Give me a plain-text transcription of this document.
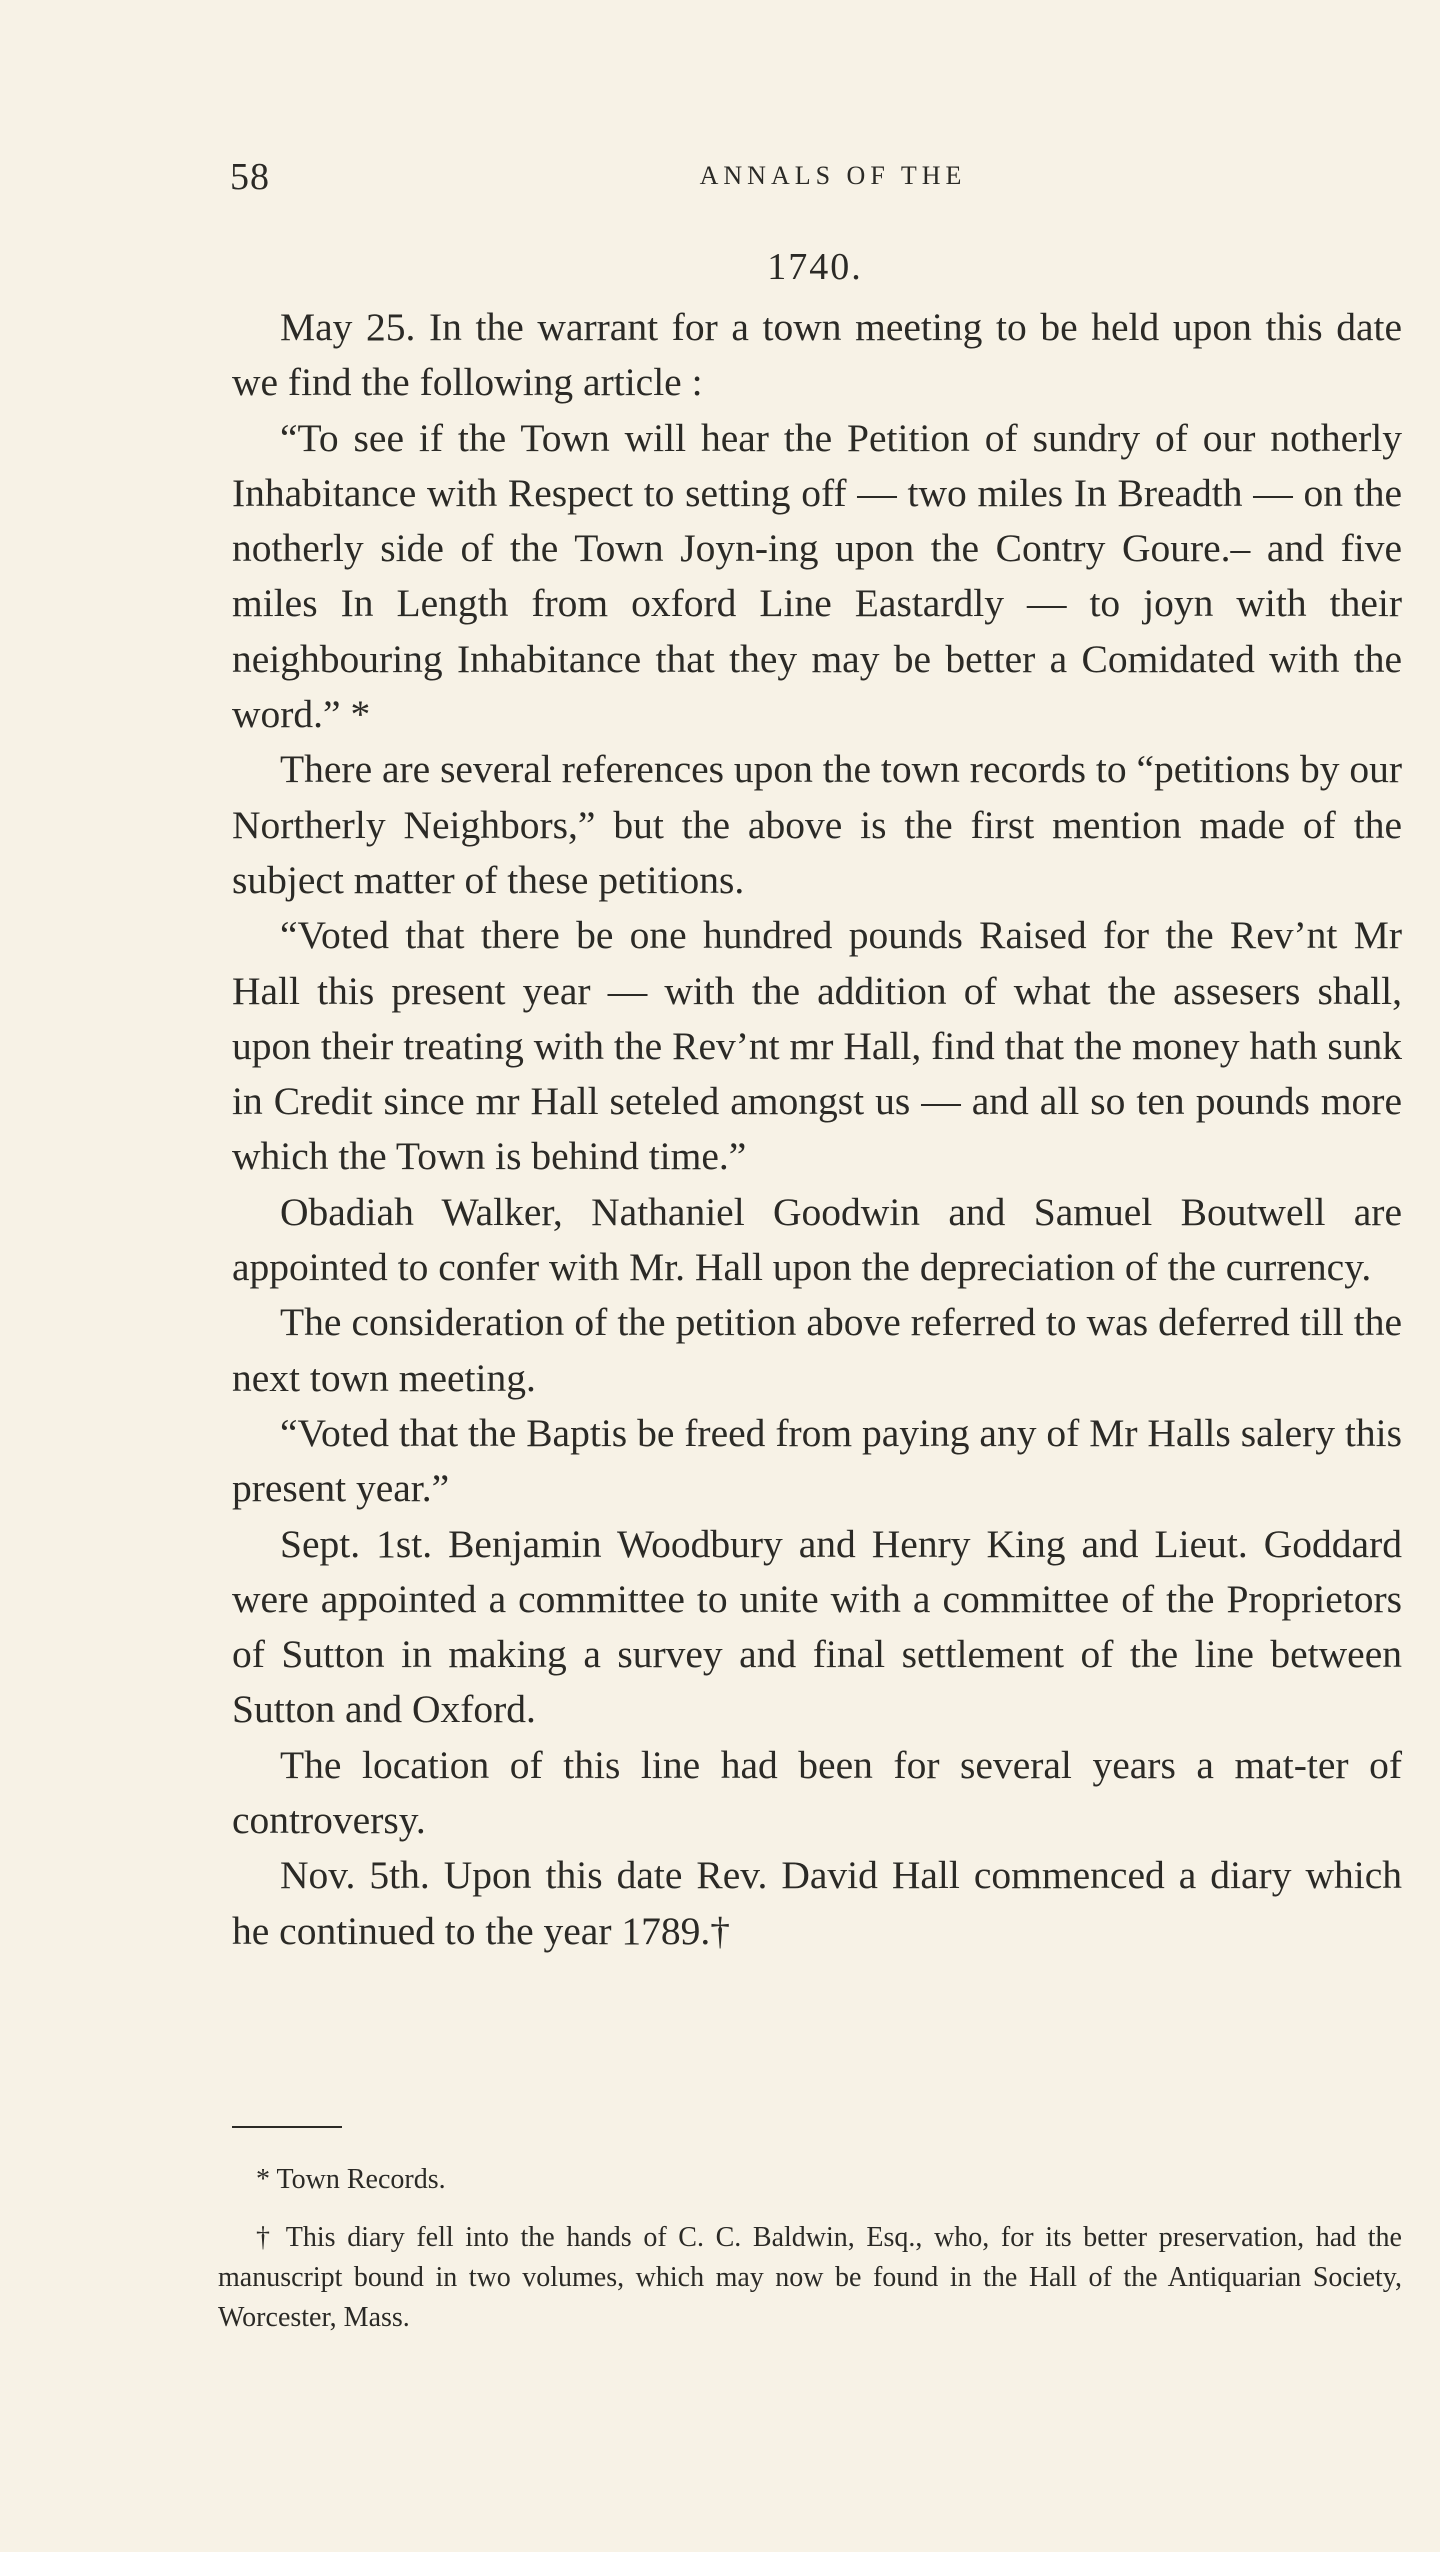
58	ANNALS OF THE
1740.

May 25. In the warrant for a town meeting to be held upon this date we find the following article :

“To see if the Town will hear the Petition of sundry of our notherly Inhabitance with Respect to setting off — two miles In Breadth — on the notherly side of the Town Joyn-ing upon the Contry Goure.– and five miles In Length from oxford Line Eastardly — to joyn with their neighbouring Inhabitance that they may be better a Comidated with the word.” *

There are several references upon the town records to “petitions by our Northerly Neighbors,” but the above is the first mention made of the subject matter of these petitions.

“Voted that there be one hundred pounds Raised for the Rev’nt Mr Hall this present year — with the addition of what the assesers shall, upon their treating with the Rev’nt mr Hall, find that the money hath sunk in Credit since mr Hall seteled amongst us — and all so ten pounds more which the Town is behind time.”

Obadiah Walker, Nathaniel Goodwin and Samuel Boutwell are appointed to confer with Mr. Hall upon the depreciation of the currency.

The consideration of the petition above referred to was deferred till the next town meeting.

“Voted that the Baptis be freed from paying any of Mr Halls salery this present year.”

Sept. 1st. Benjamin Woodbury and Henry King and Lieut. Goddard were appointed a committee to unite with a committee of the Proprietors of Sutton in making a survey and final settlement of the line between Sutton and Oxford.

The location of this line had been for several years a mat-ter of controversy.

Nov. 5th. Upon this date Rev. David Hall commenced a diary which he continued to the year 1789.†

* Town Records.

† This diary fell into the hands of C. C. Baldwin, Esq., who, for its better preservation, had the manuscript bound in two volumes, which may now be found in the Hall of the Antiquarian Society, Worcester, Mass.
